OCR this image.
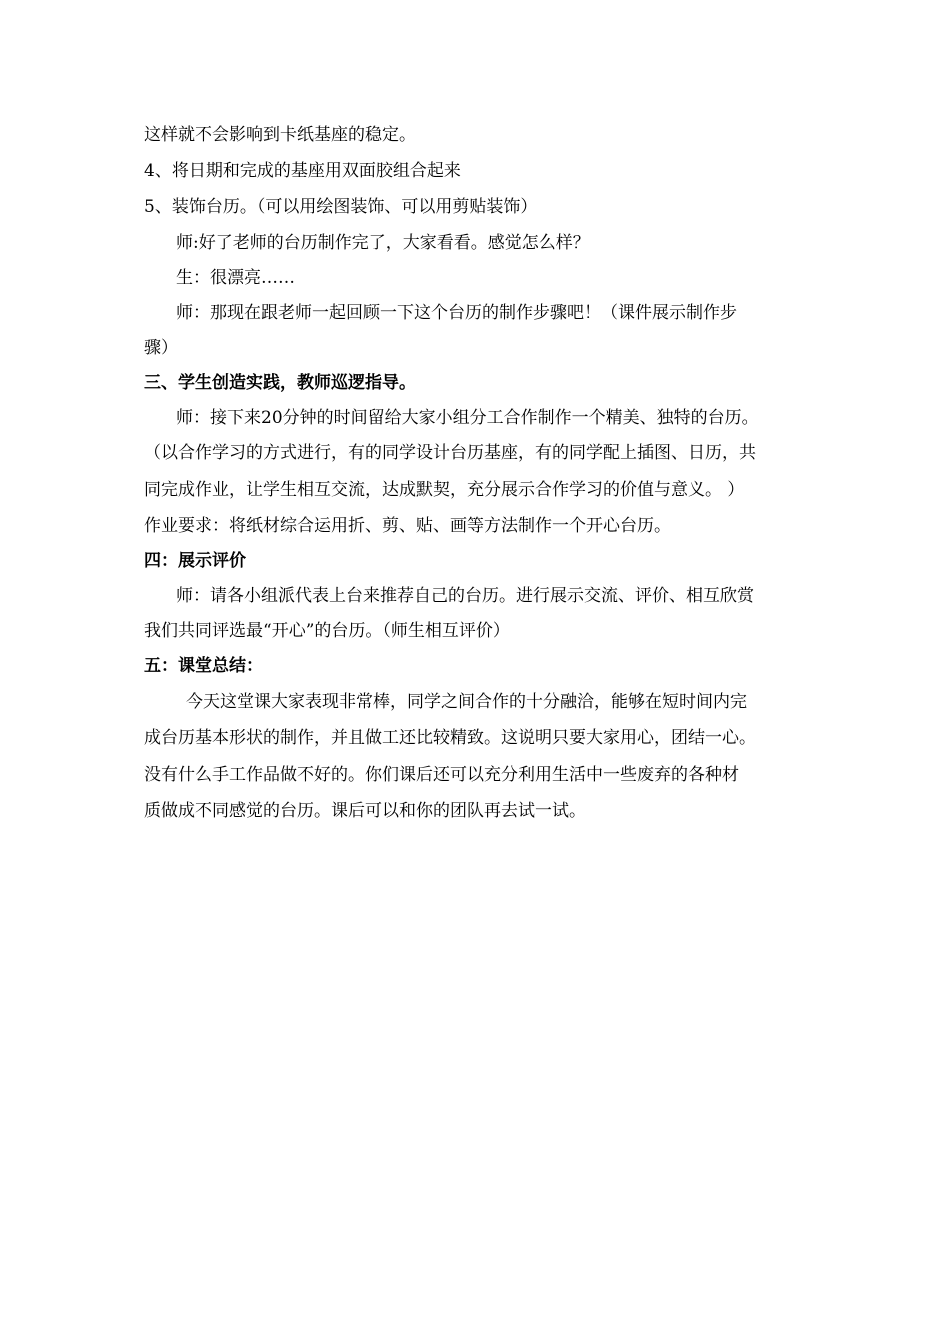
这样就不会影响到卡纸基座的稳定。
4、将日期和完成的基座用双面胶组合起来
5、装饰台历。（可以用绘图装饰、可以用剪贴装饰）
师:好了老师的台历制作完了，大家看看。感觉怎么样？
生：很漂亮……
师：那现在跟老师一起回顾一下这个台历的制作步骤吧！（课件展示制作步
骤）
三、学生创造实践，教师巡逻指导。
师：接下来20分钟的时间留给大家小组分工合作制作一个精美、独特的台历。
（以合作学习的方式进行，有的同学设计台历基座，有的同学配上插图、日历，共
同完成作业，让学生相互交流，达成默契，充分展示合作学习的价值与意义。 ）
作业要求：将纸材综合运用折、剪、贴、画等方法制作一个开心台历。
四：展示评价
师：请各小组派代表上台来推荐自己的台历。进行展示交流、评价、相互欣赏
我们共同评选最“开心”的台历。（师生相互评价）
五：课堂总结：
今天这堂课大家表现非常棒，同学之间合作的十分融洽，能够在短时间内完
成台历基本形状的制作，并且做工还比较精致。这说明只要大家用心，团结一心。
没有什么手工作品做不好的。你们课后还可以充分利用生活中一些废弃的各种材
质做成不同感觉的台历。课后可以和你的团队再去试一试。
